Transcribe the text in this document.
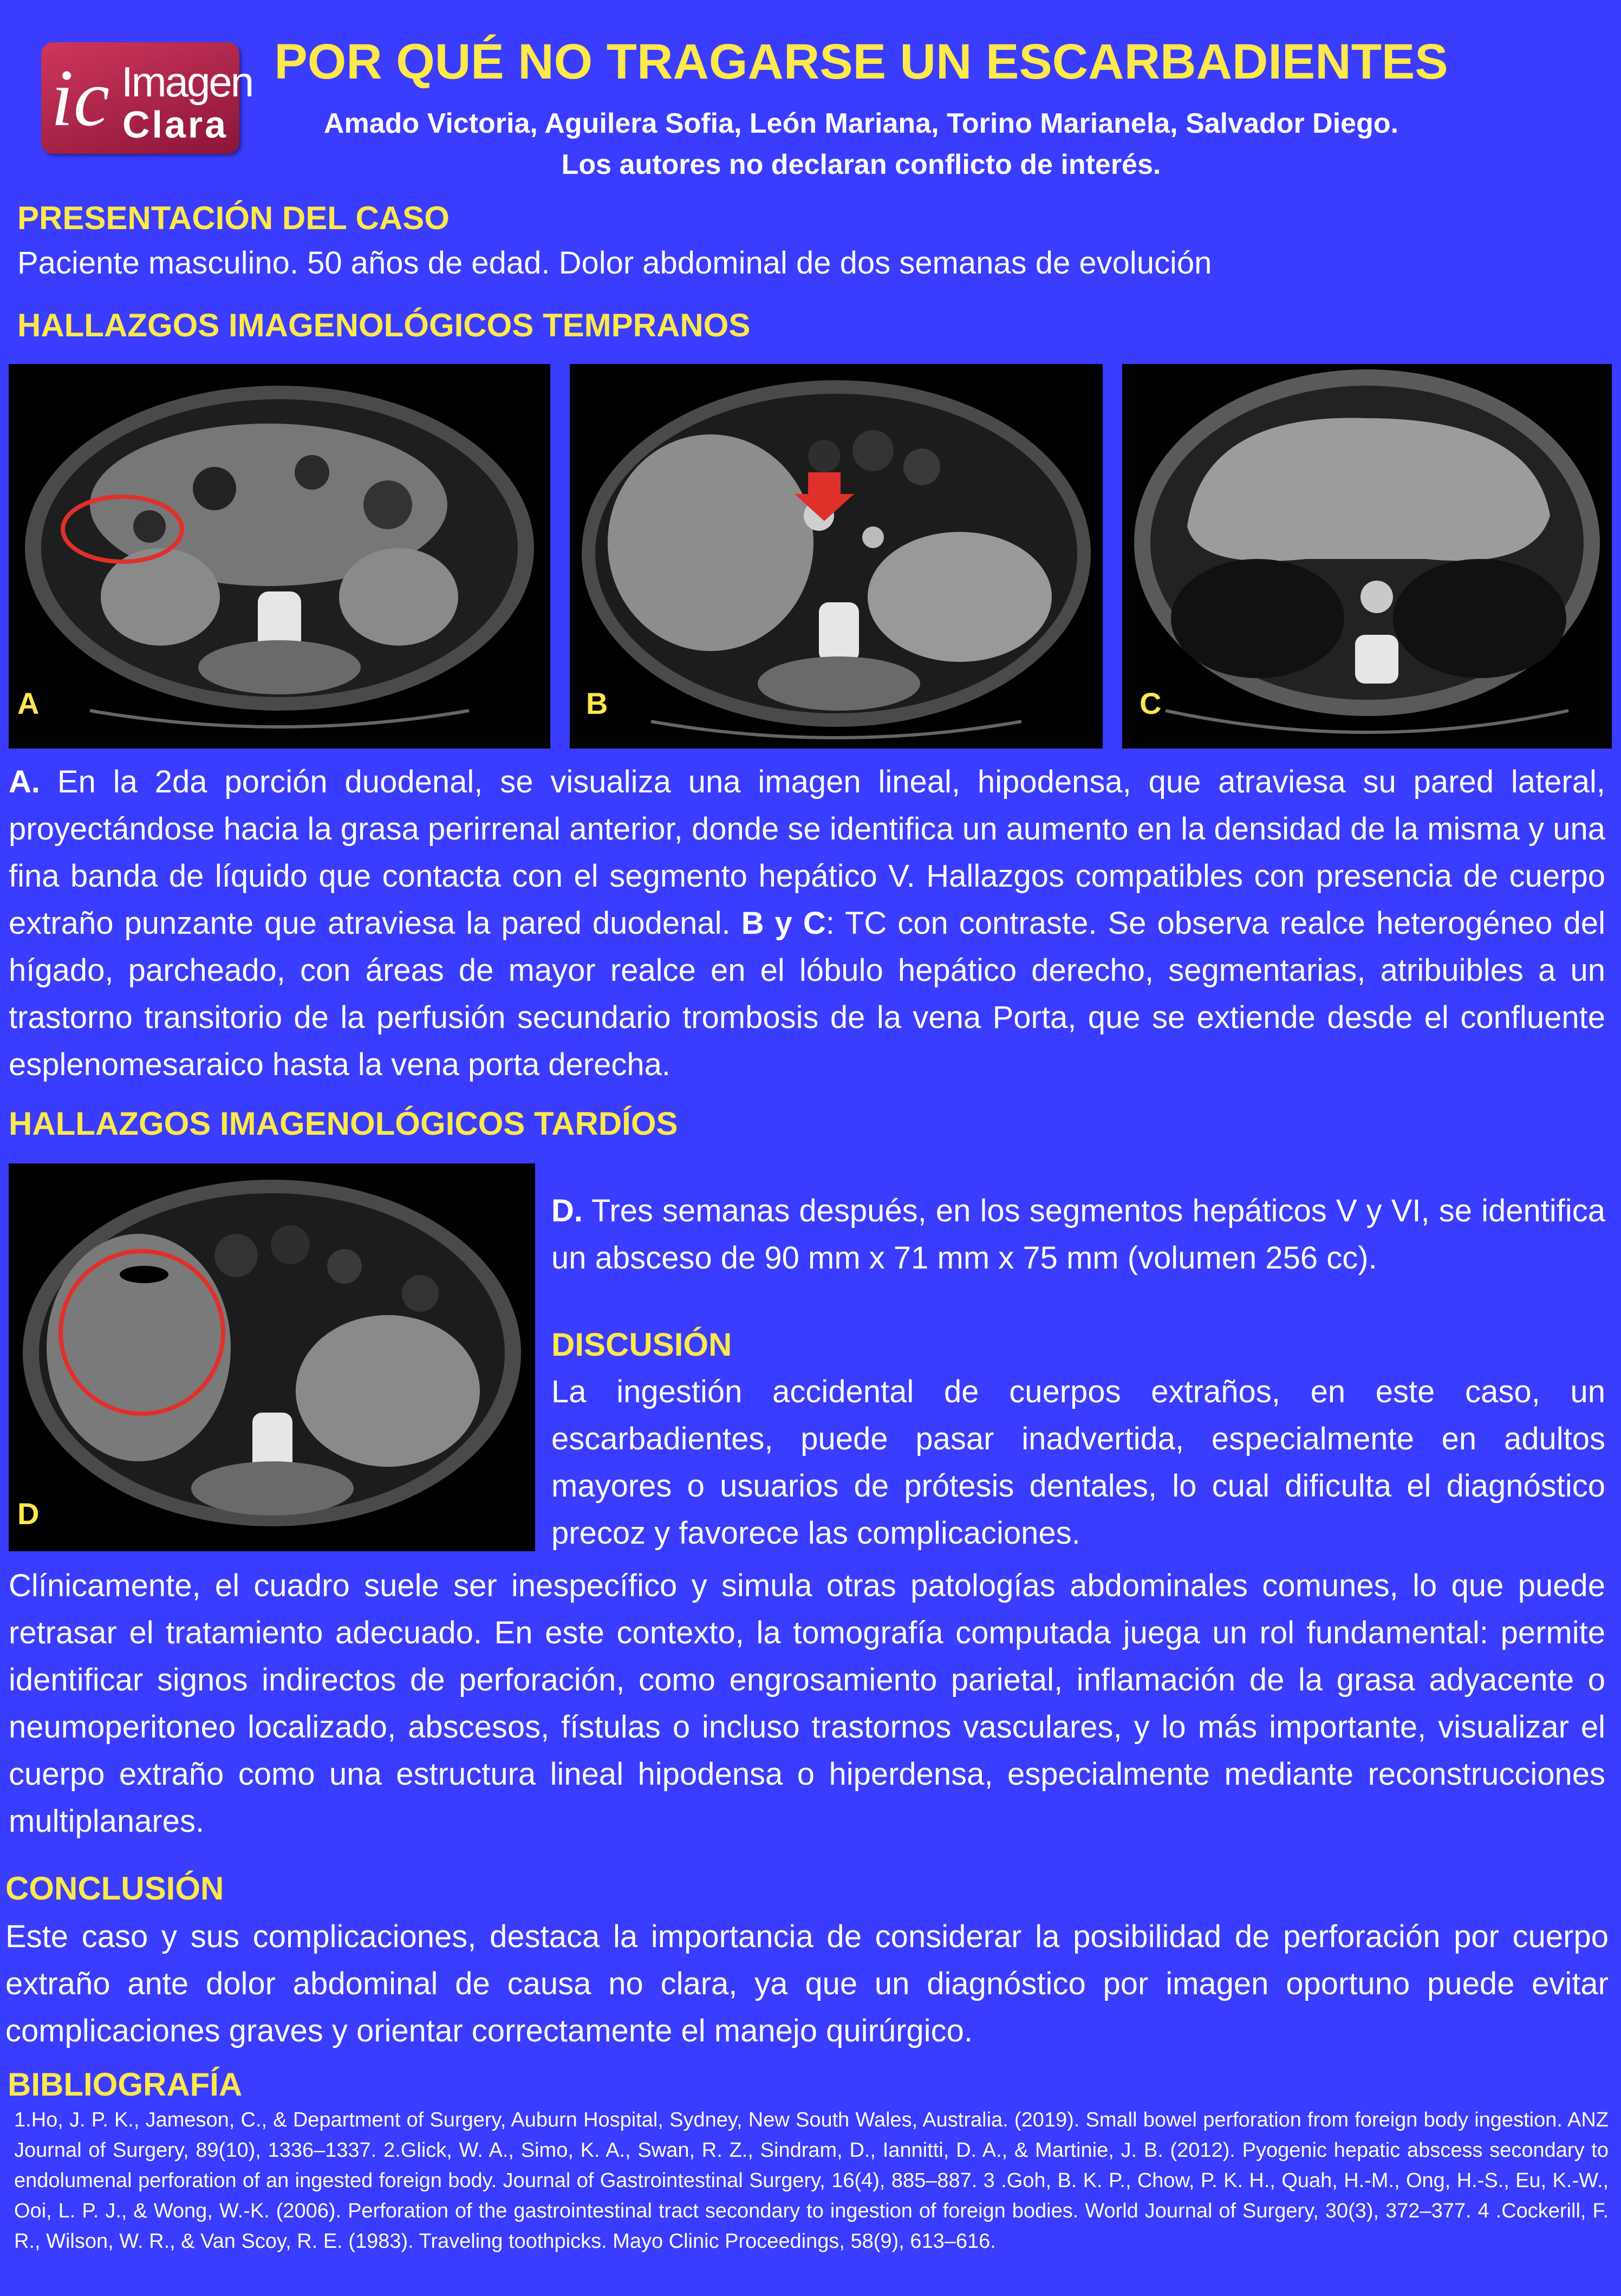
ic Imagen
Clara
POR QUÉ NO TRAGARSE UN ESCARBADIENTES
Amado Victoria, Aguilera Sofia, León Mariana, Torino Marianela, Salvador Diego.
Los autores no declaran conflicto de interés.
PRESENTACIÓN DEL CASO
Paciente masculino. 50 años de edad. Dolor abdominal de dos semanas de evolución
HALLAZGOS IMAGENOLÓGICOS TEMPRANOS
A	B	C
A. En la 2da porción duodenal, se visualiza una imagen lineal, hipodensa, que atraviesa su pared lateral, proyectándose hacia la grasa perirrenal anterior, donde se identifica un aumento en la densidad de la misma y una fina banda de líquido que contacta con el segmento hepático V. Hallazgos compatibles con presencia de cuerpo extraño punzante que atraviesa la pared duodenal. B y C: TC con contraste. Se observa realce heterogéneo del hígado, parcheado, con áreas de mayor realce en el lóbulo hepático derecho, segmentarias, atribuibles a un trastorno transitorio de la perfusión secundario trombosis de la vena Porta, que se extiende desde el confluente esplenomesaraico hasta la vena porta derecha.
HALLAZGOS IMAGENOLÓGICOS TARDÍOS
D
D. Tres semanas después, en los segmentos hepáticos V y VI, se identifica un absceso de 90 mm x 71 mm x 75 mm (volumen 256 cc).
DISCUSIÓN
La ingestión accidental de cuerpos extraños, en este caso, un escarbadientes, puede pasar inadvertida, especialmente en adultos mayores o usuarios de prótesis dentales, lo cual dificulta el diagnóstico precoz y favorece las complicaciones.
Clínicamente, el cuadro suele ser inespecífico y simula otras patologías abdominales comunes, lo que puede retrasar el tratamiento adecuado. En este contexto, la tomografía computada juega un rol fundamental: permite identificar signos indirectos de perforación, como engrosamiento parietal, inflamación de la grasa adyacente o neumoperitoneo localizado, abscesos, fístulas o incluso trastornos vasculares, y lo más importante, visualizar el cuerpo extraño como una estructura lineal hipodensa o hiperdensa, especialmente mediante reconstrucciones multiplanares.
CONCLUSIÓN
Este caso y sus complicaciones, destaca la importancia de considerar la posibilidad de perforación por cuerpo extraño ante dolor abdominal de causa no clara, ya que un diagnóstico por imagen oportuno puede evitar complicaciones graves y orientar correctamente el manejo quirúrgico.
BIBLIOGRAFÍA
1.Ho, J. P. K., Jameson, C., & Department of Surgery, Auburn Hospital, Sydney, New South Wales, Australia. (2019). Small bowel perforation from foreign body ingestion. ANZ Journal of Surgery, 89(10), 1336–1337. 2.Glick, W. A., Simo, K. A., Swan, R. Z., Sindram, D., Iannitti, D. A., & Martinie, J. B. (2012). Pyogenic hepatic abscess secondary to endolumenal perforation of an ingested foreign body. Journal of Gastrointestinal Surgery, 16(4), 885–887. 3 .Goh, B. K. P., Chow, P. K. H., Quah, H.-M., Ong, H.-S., Eu, K.-W., Ooi, L. P. J., & Wong, W.-K. (2006). Perforation of the gastrointestinal tract secondary to ingestion of foreign bodies. World Journal of Surgery, 30(3), 372–377. 4 .Cockerill, F. R., Wilson, W. R., & Van Scoy, R. E. (1983). Traveling toothpicks. Mayo Clinic Proceedings, 58(9), 613–616.
